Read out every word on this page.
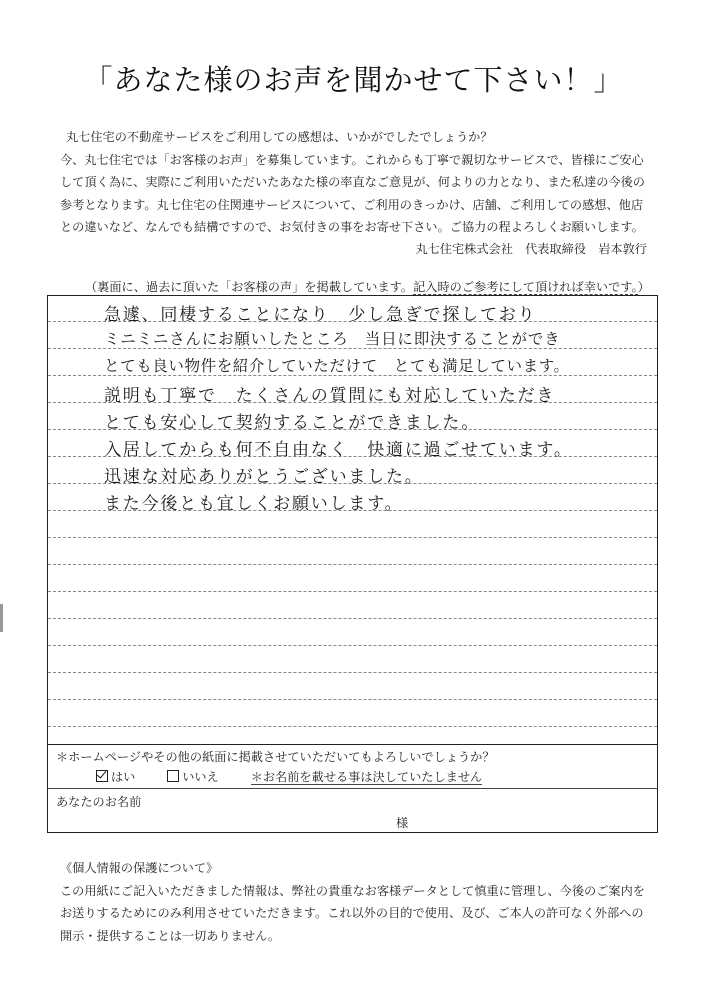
「あなた様のお声を聞かせて下さい！」

丸七住宅の不動産サービスをご利用しての感想は、いかがでしたでしょうか？

今、丸七住宅では「お客様のお声」を募集しています。これからも丁寧で親切なサービスで、皆様にご安心

して頂く為に、実際にご利用いただいたあなた様の率直なご意見が、何よりの力となり、また私達の今後の

参考となります。丸七住宅の住関連サービスについて、ご利用のきっかけ、店舗、ご利用しての感想、他店

との違いなど、なんでも結構ですので、お気付きの事をお寄せ下さい。ご協力の程よろしくお願いします。

丸七住宅株式会社　代表取締役　岩本敦行
（裏面に、過去に頂いた「お客様の声」を掲載しています。記入時のご参考にして頂ければ幸いです。）
急遽、同棲することになり　少し急ぎで探しており
ミニミニさんにお願いしたところ　当日に即決することができ
とても良い物件を紹介していただけて　とても満足しています。
説明も丁寧で　たくさんの質問にも対応していただき
とても安心して契約することができました。
入居してからも何不自由なく　快適に過ごせています。
迅速な対応ありがとうございました。
また今後とも宜しくお願いします。
＊ホームページやその他の紙面に掲載させていただいてもよろしいでしょうか？
はい	いいえ	＊お名前を載せる事は決していたしません
あなたのお名前
様

《個人情報の保護について》

この用紙にご記入いただきました情報は、弊社の貴重なお客様データとして慎重に管理し、今後のご案内を

お送りするためにのみ利用させていただきます。これ以外の目的で使用、及び、ご本人の許可なく外部への

開示・提供することは一切ありません。
